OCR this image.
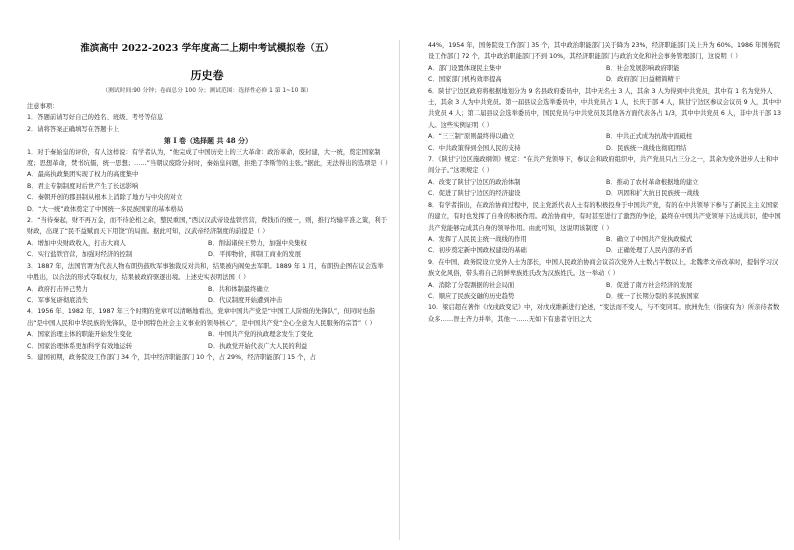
淮滨高中 2022-2023 学年度高二上期中考试模拟卷（五）
历史卷
（测试时间:90 分钟；卷面总分 100 分；测试范围：选择性必修 1 第 1~10 课）

注意事项：

1．答题前请写好自己的姓名、班级、考号等信息

2．请将答案正确填写在答题卡上

第 I 卷（选择题 共 48 分）

1．对于秦始皇的评价，有人这样说：有学者认为，“他完成了中国历史上的三大革命：政治革命，废封建，大一统，奠定国家制度；思想革命，焚书坑儒，统一思想；……”当朝议废除分封时，秦始皇问题，拒绝了李斯等的主张。”据此，无法得出的选项是（ ）

A．最高执政集团实现了权力的高度集中

B．君主专制制度对后世产生了长远影响

C．秦朝开创的郡县制从根本上消除了地方与中央的对立

D．“大一统”政体奠定了中国统一多民族国家的基本格局

2．“当待秦起，财不再万金，而不待论相之余，整民重国，”西汉汉武帝设盐铁官营，费钱币的统一，则，推行均输平准之策，利于财政，出现了“民不益赋而天下用饶”的局面。据此可知，汉武帝经济制度的前提是（ ）

A．增加中央财政收入，打击大商人	B．削弱诸侯王势力，加强中央集权
C．实行盐铁官营，加强对经济的控制	D．平抑物价，抑制工商业的发展

3．1887 年，法国官署为代表人物布朗热鼓吹军事独裁反对共和，结果被内阁免去军职。1889 年 1 月，布朗热企图在议会选举中胜出，以合法的形式夺取权力，结果被政府驱逐出境。上述史实表明法国（ ）

A．政府打击异己势力	B．共和体制最终确立
C．军事复辟彻底消失	D．代议制度开始遭到冲击

4．1956 年、1982 年、1987 年三个时期的党章可以清晰地看出，党章中国共产党是“中国工人阶级的先锋队”，但同时也指出“是中国人民和中华民族的先锋队，是中国特色社会主义事业的领导核心”，是中国共产党“全心全意为人民服务的宗旨”（ ）

A．国家治理主体的职能开始发生变化	B．中国共产党的执政理念发生了变化
C．国家治理体系更加科学有效地运转	D．执政党开始代表广大人民的利益

5．建国初期，政务院设工作部门 34 个，其中经济职能部门 10 个，占 29%，经济职能部门 15 个，占

44%，1954 年，国务院设工作部门 35 个，其中政治职能部门关于降为 23%，经济职能部门关上升为 60%。1986 年国务院设工作部门 72 个，其中政治职能部门不到 10%，其经济职能部门与政治文化和社会事务管理部门，这说明（ ）

A．部门设置体现民主集中	B．社会发展影响政府职能
C．国家部门机构效率提高	D．政府部门日益精简精干

6．陕甘宁边区政府将根据地划分为 9 名县政府委员中，其中无名士 3 人，其余 3 人为得到中共党员，其中有 1 名为党外人士，其余 3 人为中共党员。第一届县议会选举委员中，中共党员占 1 人，长庆于部 4 人，陕甘宁边区参议会议员 9 人，其中中共党员 4 人；第二届县议会选举委员中，国民党员与中共党员及其他各方面代表各占 1/3，其中中共党员 6 人，非中共干部 13 人。这些实例证明（ ）

A．“三三制”原则最终得以确立	B．中共正式成为抗战中流砥柱
C．中共政策得到全国人民的支持	D．民族统一战线也彻底团结

7．《陕甘宁边区施政纲领》规定：“在共产党领导下，参议会和政府组织中，共产党员只占三分之一，其余为党外进步人士和中间分子。”这项规定（ ）

A．改变了陕甘宁边区的政治体制	B．推动了农村革命根据地的建立
C．促进了陕甘宁边区的经济建设	D．巩固和扩大抗日民族统一战线

8．有学者指出，在政治协商过程中，民主党派代表人士有的积极投身于中国共产党，有的在中共领导下参与了新民主主义国家的建立，有时也发挥了自身的积极作用。政治协商中，有时甚至进行了激烈的争论，最终在中国共产党领导下达成共识，使中国共产党能够完成其自身的领导作用。由此可知，这说明该制度（ ）

A．发挥了人民民主统一战线的作用	B．确立了中国共产党执政模式
C．初步奠定新中国政权建设的基础	D．正确处理了人民内部的矛盾

9．在中国，政务院设立党外人士为部长，中国人民政治协商会议首次党外人士数占半数以上，北魏孝文帝改革时，提倡学习汉族文化风俗，带头将自己的鲜卑族姓氏改为汉族姓氏。这一举动（ ）

A．消除了分裂割据的社会局面	B．促进了南方社会经济的发展
C．顺应了民族交融的历史趋势	D．统一了长期分裂的多民族国家

10．梁启超在著作《戊戌政变记》中，对戊戌维新进行论述，“变法而不变人，与不变同耳。欧洲先生（指康有为）所亲待者数众多……智士齐力并举，其他一……无如下有患者守旧之大
